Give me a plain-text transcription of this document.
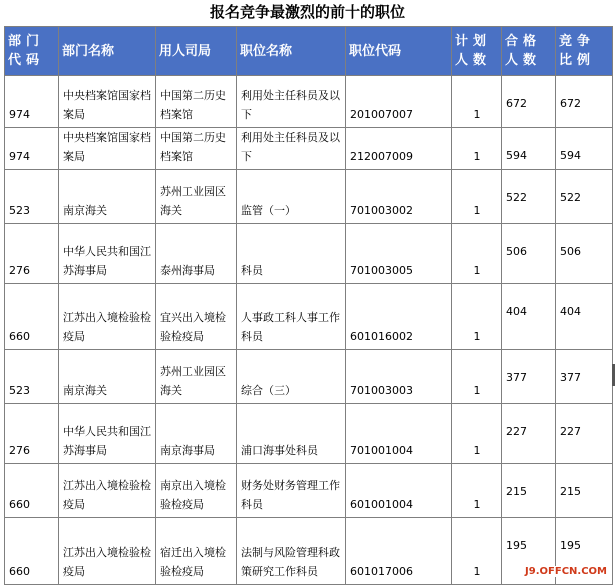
报名竞争最激烈的前十的职位
部门代码	部门名称	用人司局	职位名称	职位代码	计划人数	合格人数	竞争比例
974	中央档案馆国家档案局	中国第二历史档案馆	利用处主任科员及以下	201007007	1	672	672
974	中央档案馆国家档案局	中国第二历史档案馆	利用处主任科员及以下	212007009	1	594	594
523	南京海关	苏州工业园区海关	监管（一）	701003002	1	522	522
276	中华人民共和国江苏海事局	泰州海事局	科员	701003005	1	506	506
660	江苏出入境检验检疫局	宜兴出入境检验检疫局	人事政工科人事工作科员	601016002	1	404	404
523	南京海关	苏州工业园区海关	综合（三）	701003003	1	377	377
276	中华人民共和国江苏海事局	南京海事局	浦口海事处科员	701001004	1	227	227
660	江苏出入境检验检疫局	南京出入境检验检疫局	财务处财务管理工作科员	601001004	1	215	215
660	江苏出入境检验检疫局	宿迁出入境检验检疫局	法制与风险管理科政策研究工作科员	601017006	1	195	195
J9.OFFCN.COM
